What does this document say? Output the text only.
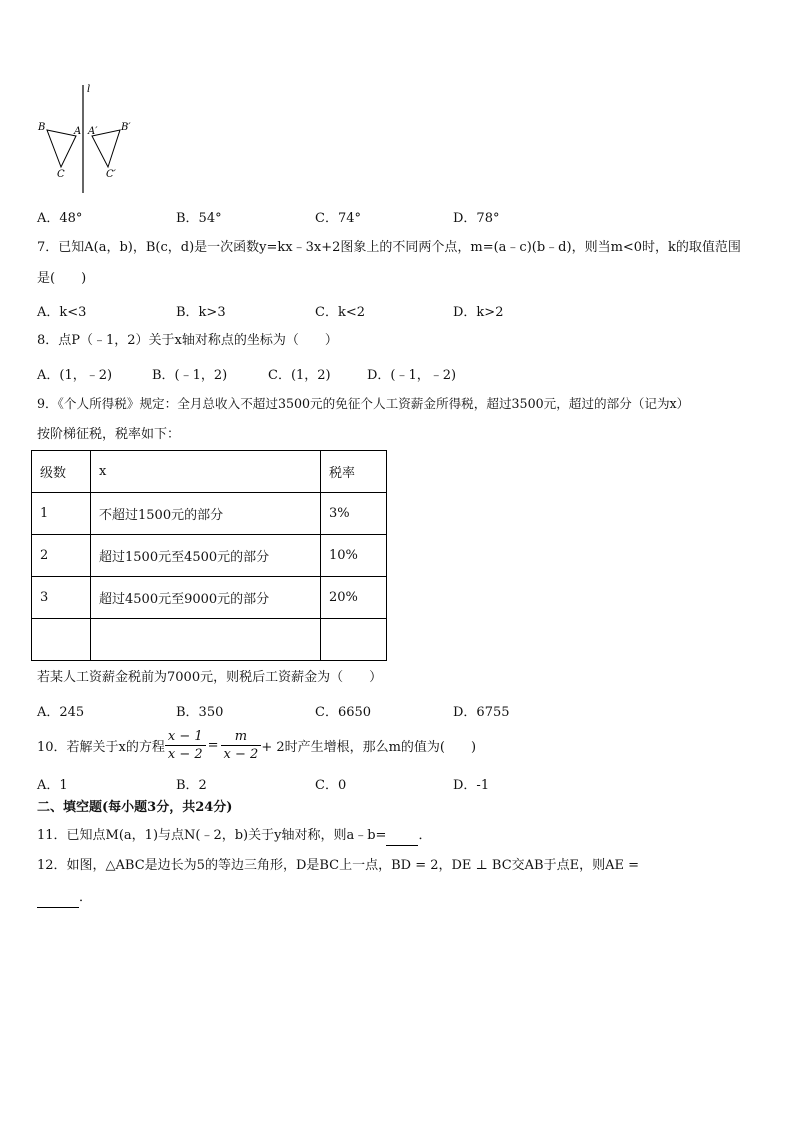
l
B	A
C
A′ B′
C′
A．48°	B．54°	C．74°	D．78°
7．已知A(a，b)，B(c，d)是一次函数y=kx﹣3x+2图象上的不同两个点，m=(a﹣c)(b﹣d)，则当m<0时，k的取值范围
是(　　)
A．k<3	B．k>3	C．k<2	D．k>2
8．点P（﹣1，2）关于x轴对称点的坐标为（　　）
A．(1，﹣2)	B．(﹣1，2)	C．(1，2)	D．(﹣1，﹣2)
9．《个人所得税》规定：全月总收入不超过3500元的免征个人工资薪金所得税，超过3500元，超过的部分（记为x）
按阶梯征税，税率如下：
级数	x	税率
1	不超过1500元的部分	3%
2	超过1500元至4500元的部分	10%
3	超过4500元至9000元的部分	20%

若某人工资薪金税前为7000元，则税后工资薪金为（　　）
A．245	B．350	C．6650	D．6755
10．若解关于x的方程 $\frac{x - 1}{x - 2} = \frac{m}{x - 2} + 2$时产生增根，那么m的值为(　　)
A．1	B．2	C．0	D．-1
二、填空题(每小题3分，共24分)
11．已知点M(a，1)与点N(﹣2，b)关于y轴对称，则a﹣b= ．
12．如图，△ABC是边长为5的等边三角形，D是BC上一点，BD = 2，DE ⊥ BC交AB于点E，则AE =
．
